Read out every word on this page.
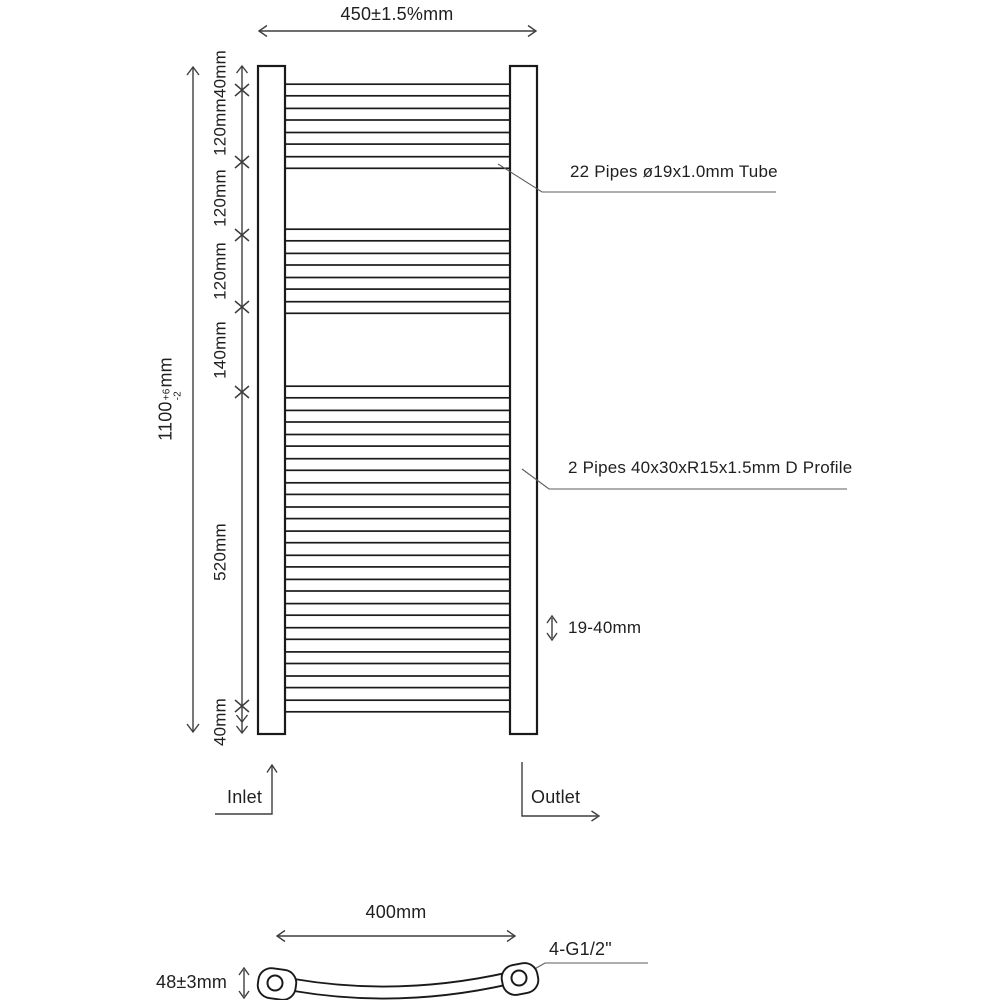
450±1.5%mm
1100
+6 -2
mm
40mm
120mm
120mm
120mm
140mm
520mm
40mm
22 Pipes ø19x1.0mm Tube
2 Pipes 40x30xR15x1.5mm D Profile
19-40mm
Inlet	Outlet
400mm
4-G1/2"
48±3mm
